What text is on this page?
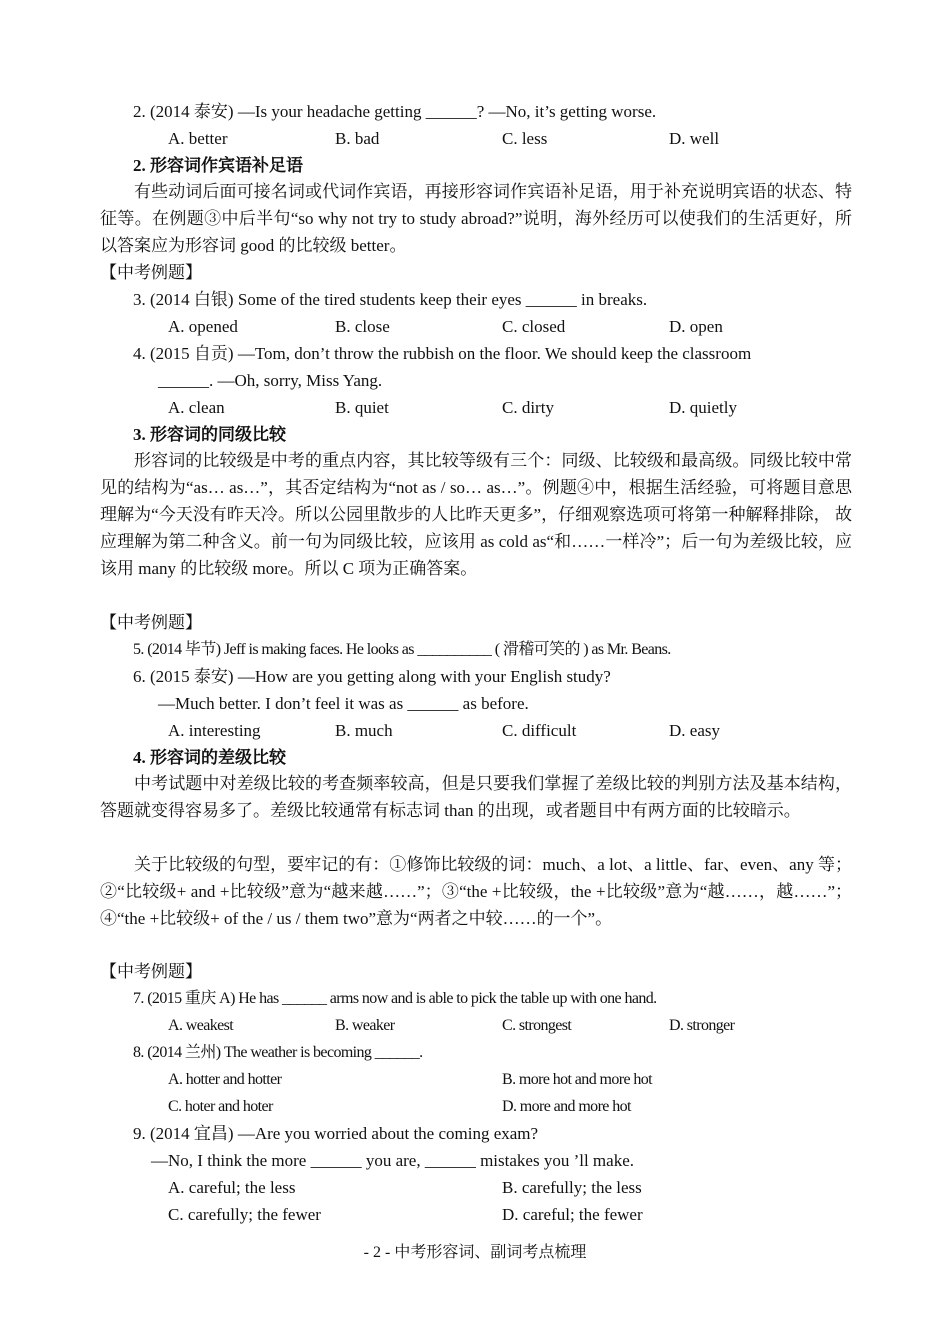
2. (2014 泰安) —Is your headache getting ______? —No, it’s getting worse.
A. better	B. bad	C. less	D. well
2. 形容词作宾语补足语
有些动词后面可接名词或代词作宾语，再接形容词作宾语补足语，用于补充说明宾语的状态、特征等。在例题③中后半句“so why not try to study abroad?”说明，海外经历可以使我们的生活更好，所以答案应为形容词 good 的比较级 better。
【中考例题】
3. (2014 白银) Some of the tired students keep their eyes ______ in breaks.
A. opened	B. close	C. closed	D. open
4. (2015 自贡) —Tom, don’t throw the rubbish on the floor. We should keep the classroom
______. —Oh, sorry, Miss Yang.
A. clean	B. quiet	C. dirty	D. quietly
3. 形容词的同级比较
形容词的比较级是中考的重点内容，其比较等级有三个：同级、比较级和最高级。同级比较中常见的结构为“as… as…”，其否定结构为“not as / so… as…”。例题④中，根据生活经验，可将题目意思理解为“今天没有昨天冷。所以公园里散步的人比昨天更多”，仔细观察选项可将第一种解释排除， 故应理解为第二种含义。前一句为同级比较，应该用 as cold as“和……一样冷”；后一句为差级比较，应该用 many 的比较级 more。所以 C 项为正确答案。
【中考例题】
5. (2014 毕节) Jeff is making faces. He looks as __________ ( 滑稽可笑的 ) as Mr. Beans.
6. (2015 泰安) —How are you getting along with your English study?
—Much better. I don’t feel it was as ______ as before.
A. interesting	B. much	C. difficult	D. easy
4. 形容词的差级比较
中考试题中对差级比较的考查频率较高，但是只要我们掌握了差级比较的判别方法及基本结构，答题就变得容易多了。差级比较通常有标志词 than 的出现，或者题目中有两方面的比较暗示。
关于比较级的句型，要牢记的有：①修饰比较级的词：much、a lot、a little、far、even、any 等；②“比较级+ and +比较级”意为“越来越……”；③“the +比较级，the +比较级”意为“越……，越……”；④“the +比较级+ of the / us / them two”意为“两者之中较……的一个”。
【中考例题】
7. (2015 重庆 A) He has ______ arms now and is able to pick the table up with one hand.
A. weakest	B. weaker	C. strongest	D. stronger
8. (2014 兰州) The weather is becoming ______.
A. hotter and hotter	B. more hot and more hot
C. hoter and hoter	D. more and more hot
9. (2014 宜昌) —Are you worried about the coming exam?
—No, I think the more ______ you are, ______ mistakes you ’ll make.
A. careful; the less	B. carefully; the less
C. carefully; the fewer	D. careful; the fewer
- 2 - 中考形容词、副词考点梳理
